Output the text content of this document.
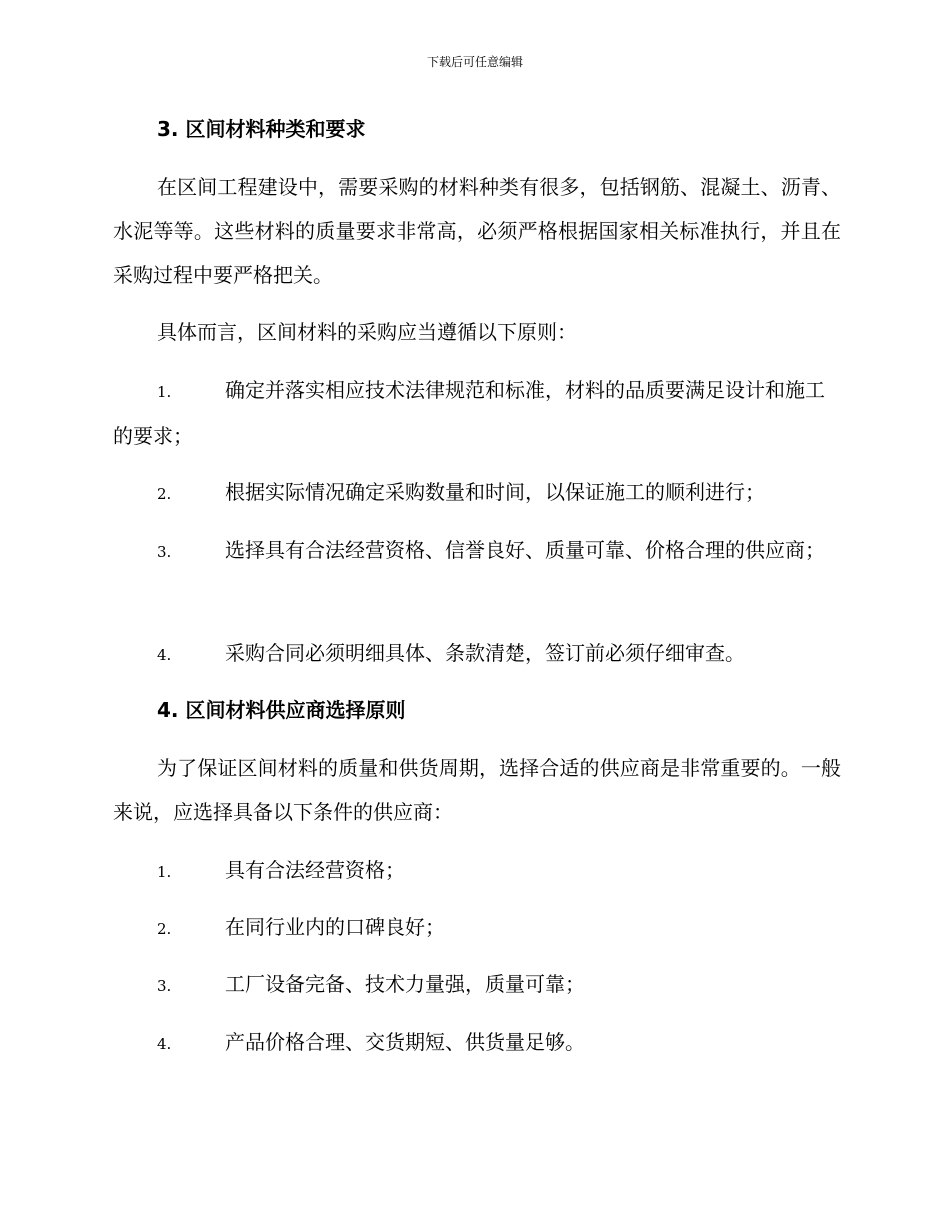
下载后可任意编辑
3. 区间材料种类和要求
在区间工程建设中，需要采购的材料种类有很多，包括钢筋、混凝土、沥青、水泥等等。这些材料的质量要求非常高，必须严格根据国家相关标准执行，并且在采购过程中要严格把关。
具体而言，区间材料的采购应当遵循以下原则：
1.	确定并落实相应技术法律规范和标准，材料的品质要满足设计和施工的要求；
2.	根据实际情况确定采购数量和时间，以保证施工的顺利进行；
3.	选择具有合法经营资格、信誉良好、质量可靠、价格合理的供应商；
4.	采购合同必须明细具体、条款清楚，签订前必须仔细审查。
4. 区间材料供应商选择原则
为了保证区间材料的质量和供货周期，选择合适的供应商是非常重要的。一般来说，应选择具备以下条件的供应商：
1.	具有合法经营资格；
2.	在同行业内的口碑良好；
3.	工厂设备完备、技术力量强，质量可靠；
4.	产品价格合理、交货期短、供货量足够。
